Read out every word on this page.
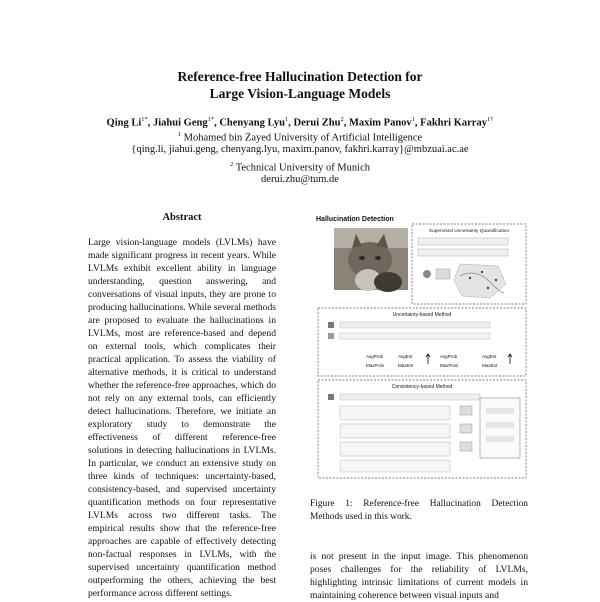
Reference-free Hallucination Detection for
Large Vision-Language Models
Qing $Li^{1*}$, Jiahui Geng$^{1*}$, Chenyang Lyu$^1$, Derui Zhu$^2$, Maxim Panov$^1$, Fakhri Karray$^{1\dagger}$
$^1$ Mohamed bin Zayed University of Artificial Intelligence
{qing.li, jiahui.geng, chenyang.lyu, maxim.panov, fakhri.karray}@mbzuai.ac.ae
$^2$ Technical University of Munich
derui.zhu@tum.de
Abstract
Large vision-language models (LVLMs) have made significant progress in recent years. While LVLMs exhibit excellent ability in language understanding, question answering, and conversations of visual inputs, they are prone to producing hallucinations. While several methods are proposed to evaluate the hallucinations in LVLMs, most are reference-based and depend on external tools, which complicates their practical application. To assess the viability of alternative methods, it is critical to understand whether the reference-free approaches, which do not rely on any external tools, can efficiently detect hallucinations. Therefore, we initiate an exploratory study to demonstrate the effectiveness of different reference-free solutions in detecting hallucinations in LVLMs. In particular, we conduct an extensive study on three kinds of techniques: uncertainty-based, consistency-based, and supervised uncertainty quantification methods on four representative LVLMs across two different tasks. The empirical results show that the reference-free approaches are capable of effectively detecting non-factual responses in LVLMs, with the supervised uncertainty quantification method outperforming the others, achieving the best performance across different settings.
Hallucination Detection
Supervised Uncertainty Quantification
Uncertainty-based Method
AvgProb	AvgEnt
MaxProb	MaxEnt
AvgProb
MaxProb
AvgEnt
MaxEnt
Consistency-based Method
Figure 1: Reference-free Hallucination Detection Methods used in this work.
is not present in the input image. This phenomenon poses challenges for the reliability of LVLMs, highlighting intrinsic limitations of current models in maintaining coherence between visual inputs and
